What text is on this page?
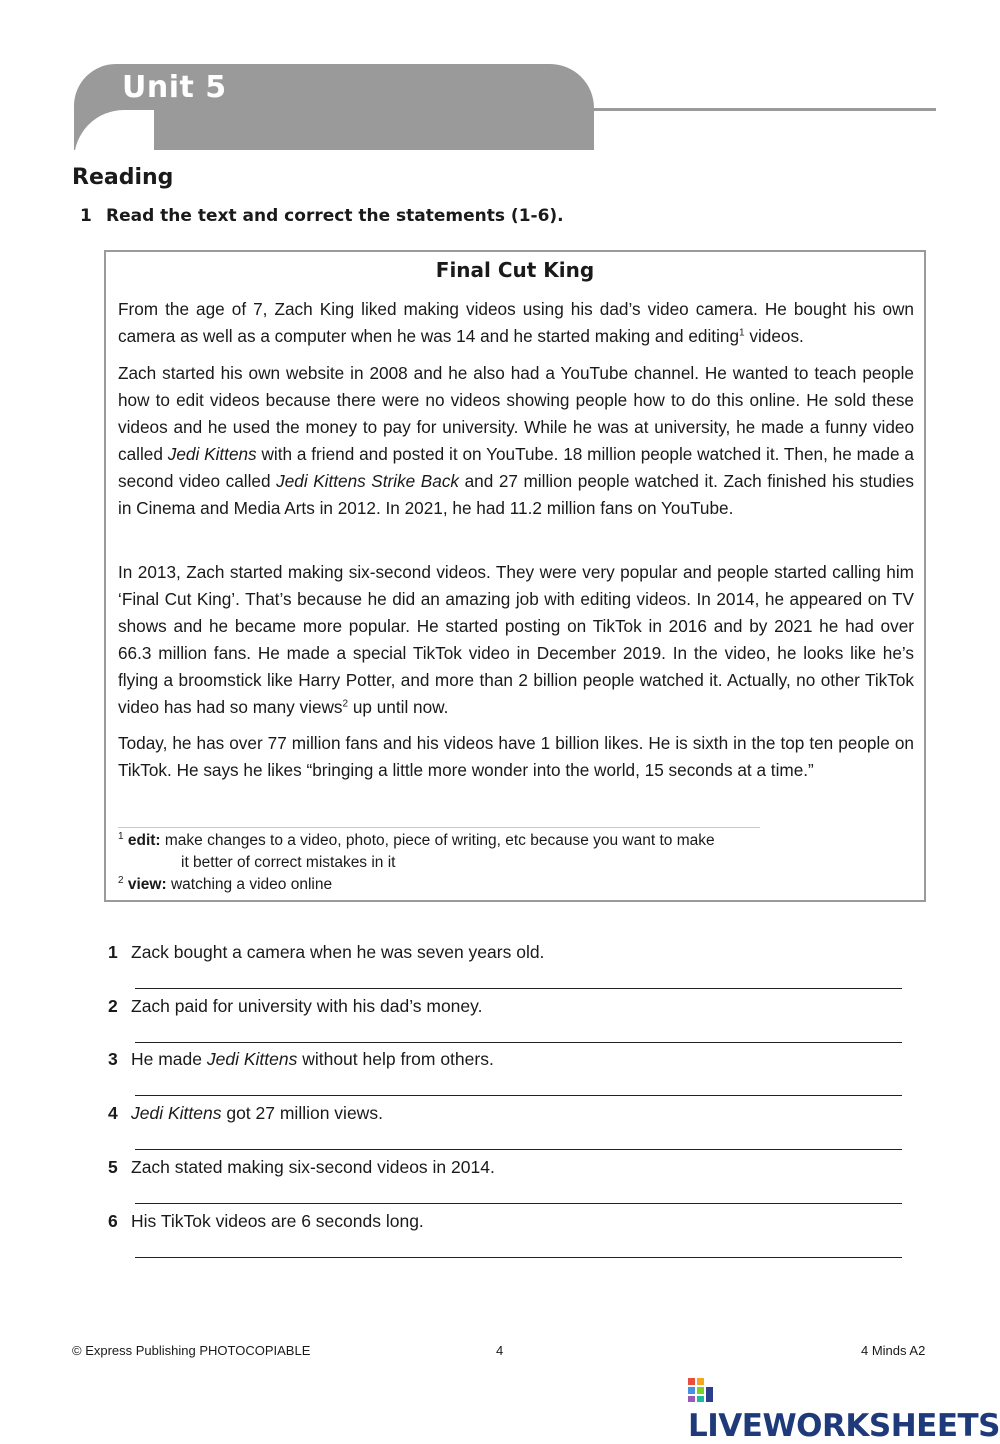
Unit 5
Reading
1 Read the text and correct the statements (1-6).
Final Cut King

From the age of 7, Zach King liked making videos using his dad’s video camera. He bought his own camera as well as a computer when he was 14 and he started making and editing$^1$ videos.

Zach started his own website in 2008 and he also had a YouTube channel. He wanted to teach people how to edit videos because there were no videos showing people how to do this online. He sold these videos and he used the money to pay for university. While he was at university, he made a funny video called Jedi Kittens with a friend and posted it on YouTube. 18 million people watched it. Then, he made a second video called Jedi Kittens Strike Back and 27 million people watched it. Zach finished his studies in Cinema and Media Arts in 2012. In 2021, he had 11.2 million fans on YouTube.

In 2013, Zach started making six-second videos. They were very popular and people started calling him ‘Final Cut King’. That’s because he did an amazing job with editing videos. In 2014, he appeared on TV shows and he became more popular. He started posting on TikTok in 2016 and by 2021 he had over 66.3 million fans. He made a special TikTok video in December 2019. In the video, he looks like he’s flying a broomstick like Harry Potter, and more than 2 billion people watched it. Actually, no other TikTok video has had so many views$^2$ up until now.

Today, he has over 77 million fans and his videos have 1 billion likes. He is sixth in the top ten people on TikTok. He says he likes “bringing a little more wonder into the world, 15 seconds at a time.”

$^1$ edit: make changes to a video, photo, piece of writing, etc because you want to make

it better of correct mistakes in it

$^2$ view: watching a video online

1 Zack bought a camera when he was seven years old.
2 Zach paid for university with his dad’s money.
3 He made Jedi Kittens without help from others.
4 Jedi Kittens got 27 million views.
5 Zach stated making six-second videos in 2014.
6 His TikTok videos are 6 seconds long.
© Express Publishing PHOTOCOPIABLE	4	4 Minds A2
LIVEWORKSHEETS
